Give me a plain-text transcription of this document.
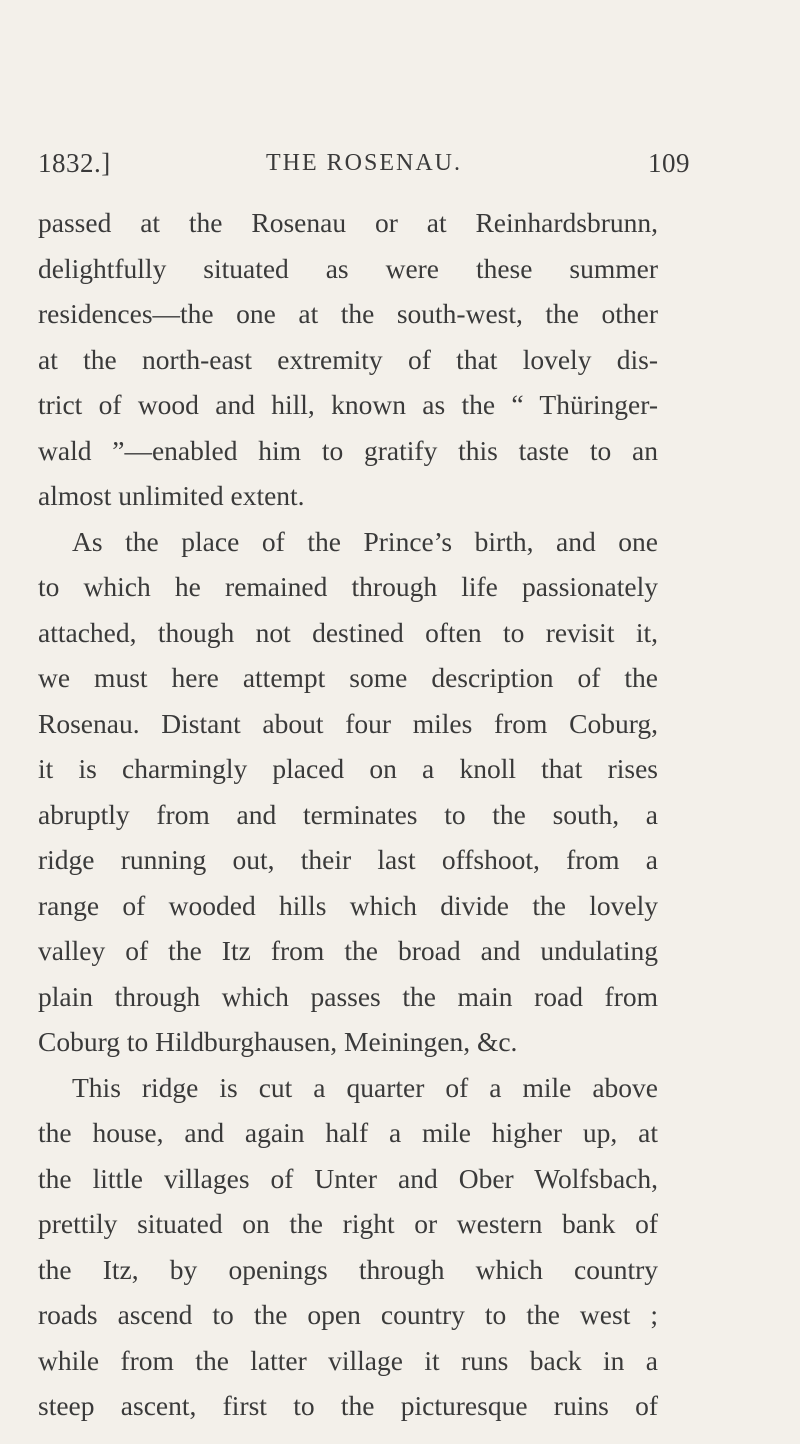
1832.]	THE ROSENAU.	109
passed at the Rosenau or at Reinhardsbrunn,
delightfully situated as were these summer
residences—the one at the south-west, the other
at the north-east extremity of that lovely dis-
trict of wood and hill, known as the “ Thüringer-
wald ”—enabled him to gratify this taste to an
almost unlimited extent.
As the place of the Prince’s birth, and one
to which he remained through life passionately
attached, though not destined often to revisit it,
we must here attempt some description of the
Rosenau. Distant about four miles from Coburg,
it is charmingly placed on a knoll that rises
abruptly from and terminates to the south, a
ridge running out, their last offshoot, from a
range of wooded hills which divide the lovely
valley of the Itz from the broad and undulating
plain through which passes the main road from
Coburg to Hildburghausen, Meiningen, &c.
This ridge is cut a quarter of a mile above
the house, and again half a mile higher up, at
the little villages of Unter and Ober Wolfsbach,
prettily situated on the right or western bank of
the Itz, by openings through which country
roads ascend to the open country to the west ;
while from the latter village it runs back in a
steep ascent, first to the picturesque ruins of
